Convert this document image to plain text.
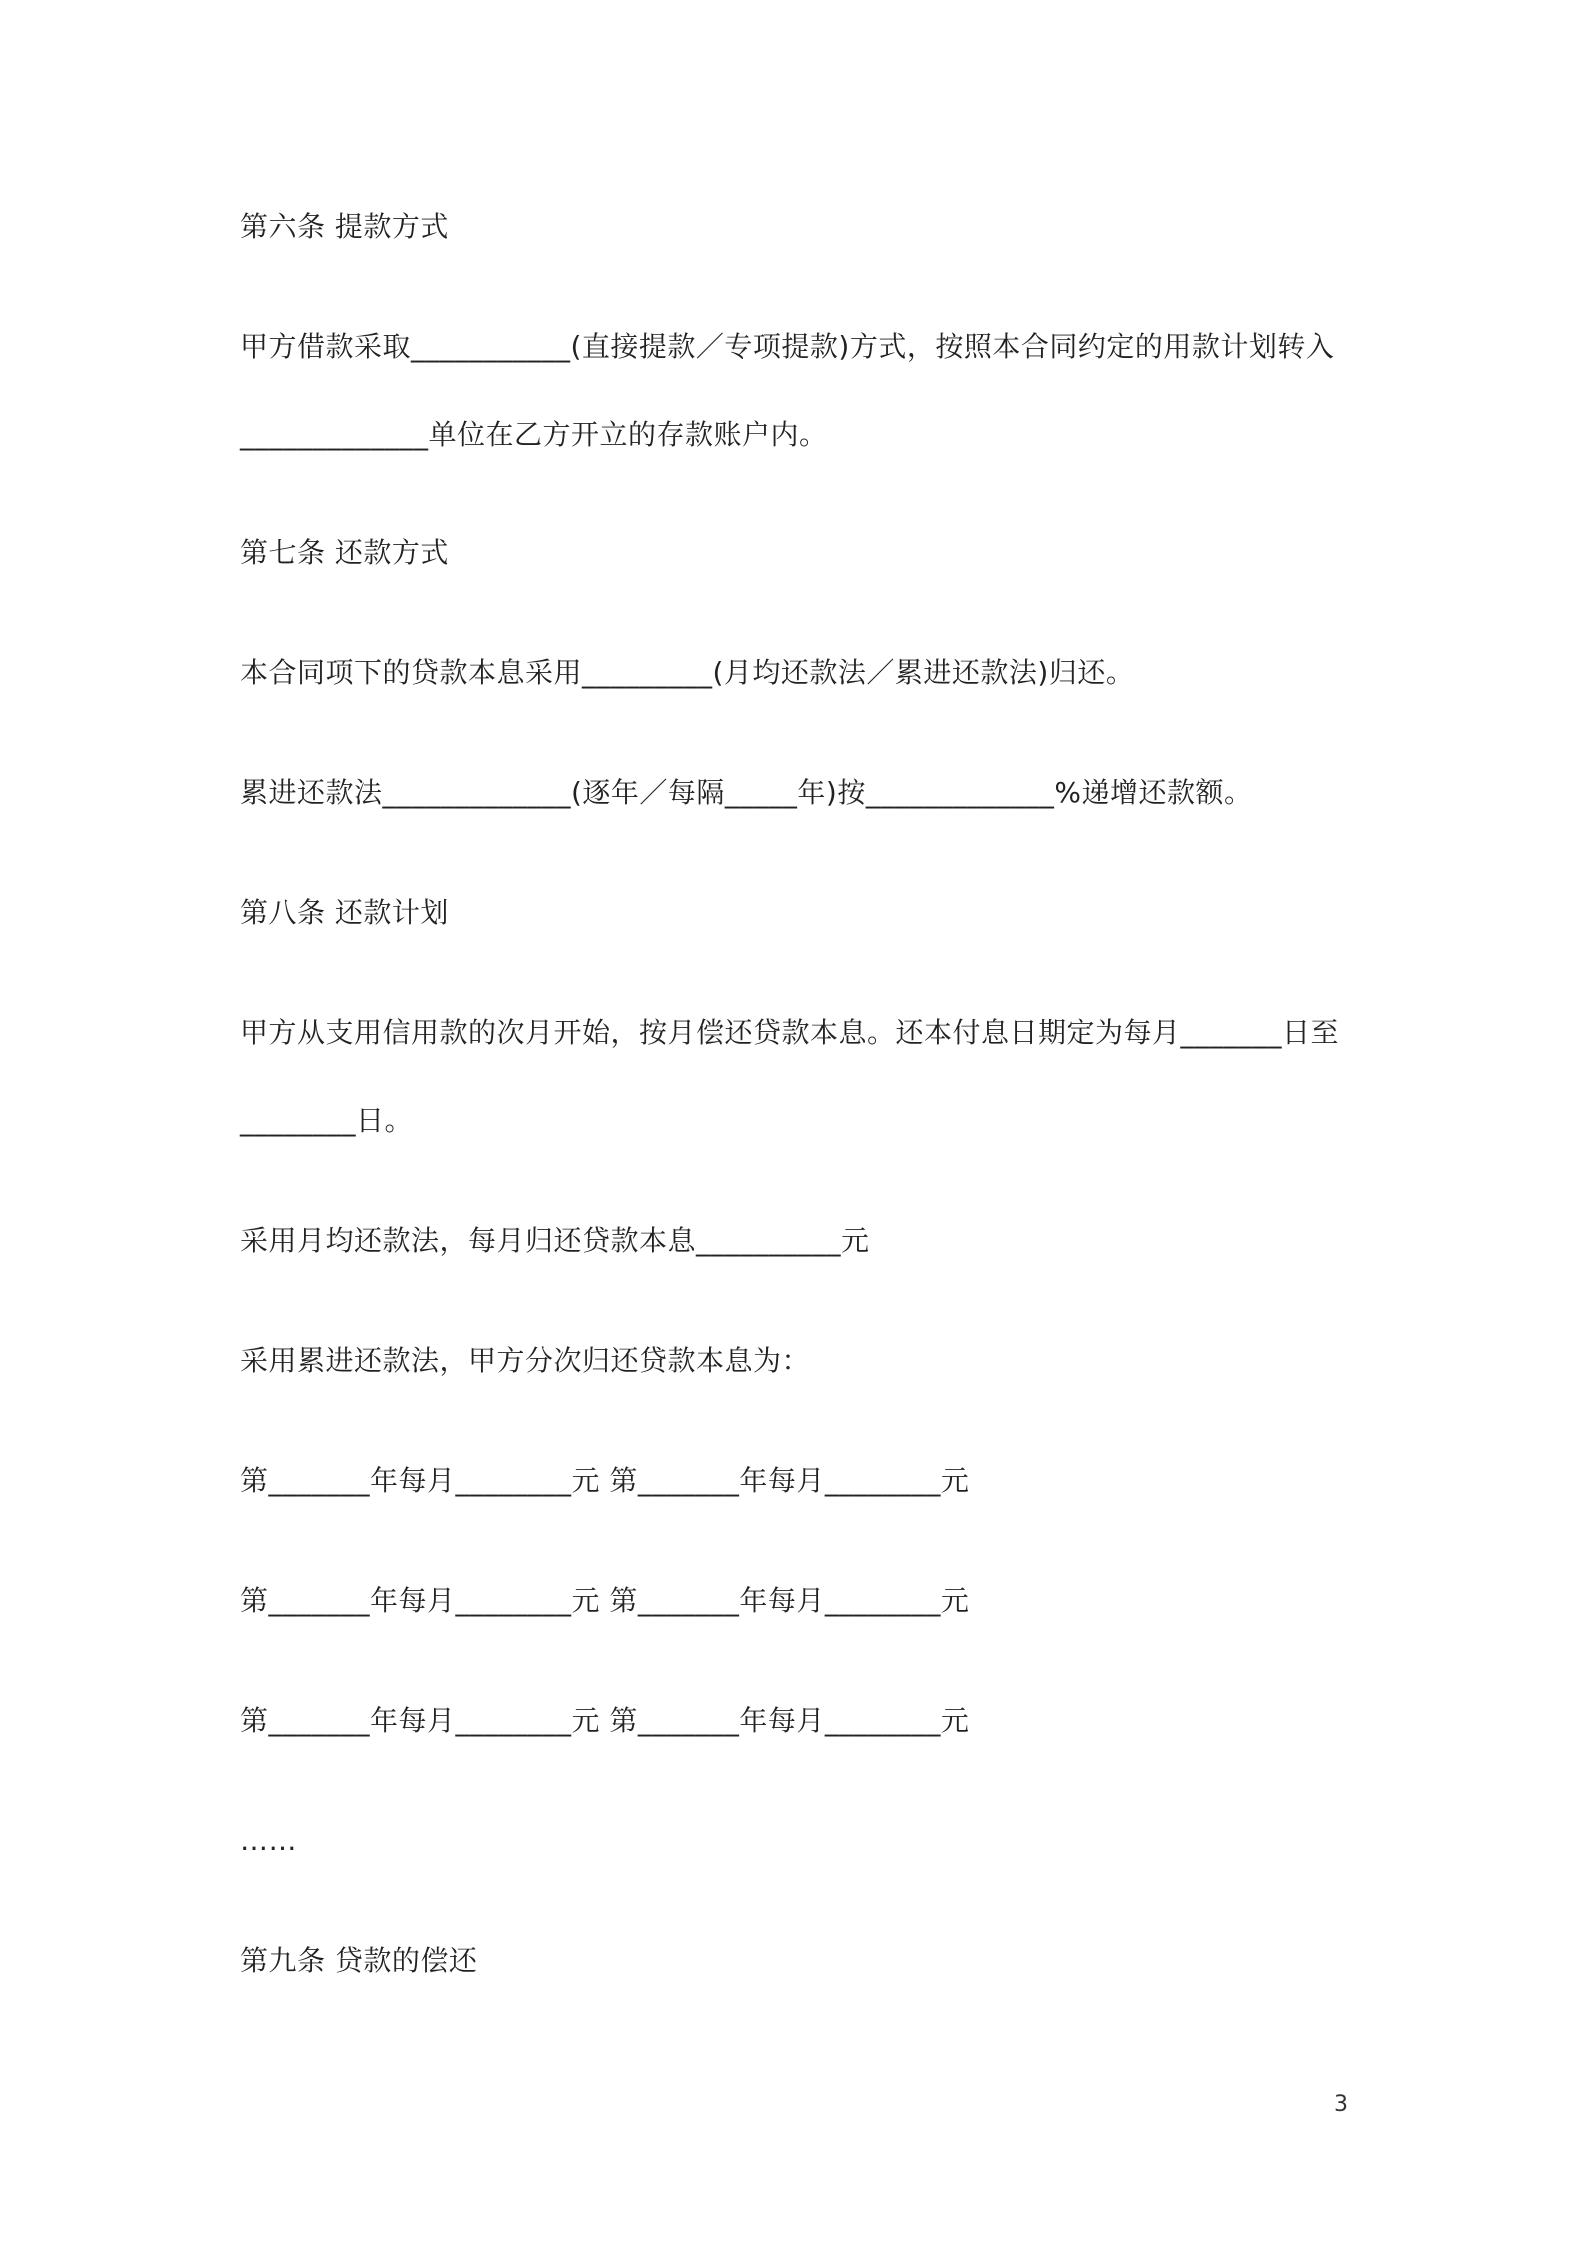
第六条 提款方式
甲方借款采取___________(直接提款／专项提款)方式，按照本合同约定的用款计划转入
_____________单位在乙方开立的存款账户内。
第七条 还款方式
本合同项下的贷款本息采用_________(月均还款法／累进还款法)归还。
累进还款法_____________(逐年／每隔_____年)按_____________%递增还款额。
第八条 还款计划
甲方从支用信用款的次月开始，按月偿还贷款本息。还本付息日期定为每月_______日至
________日。
采用月均还款法，每月归还贷款本息__________元
采用累进还款法，甲方分次归还贷款本息为：
第_______年每月________元 第_______年每月________元
第_______年每月________元 第_______年每月________元
第_______年每月________元 第_______年每月________元
……
第九条 贷款的偿还
3
